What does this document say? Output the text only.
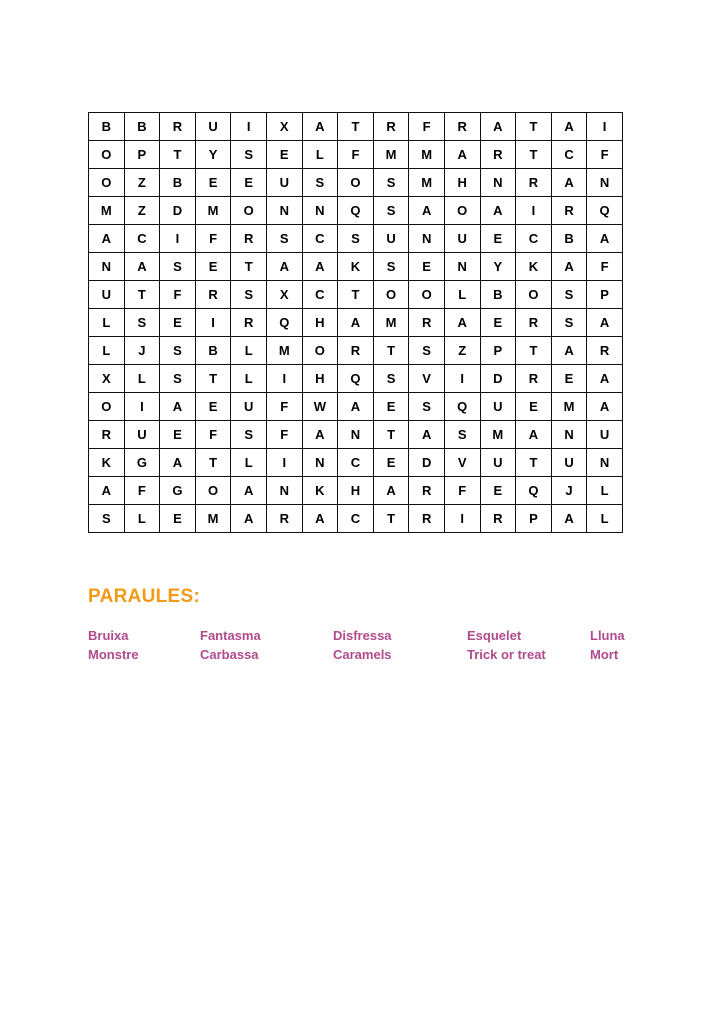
B	B	R	U	I	X	A	T	R	F	R	A	T	A	I
O	P	T	Y	S	E	L	F	M	M	A	R	T	C	F
O	Z	B	E	E	U	S	O	S	M	H	N	R	A	N
M	Z	D	M	O	N	N	Q	S	A	O	A	I	R	Q
A	C	I	F	R	S	C	S	U	N	U	E	C	B	A
N	A	S	E	T	A	A	K	S	E	N	Y	K	A	F
U	T	F	R	S	X	C	T	O	O	L	B	O	S	P
L	S	E	I	R	Q	H	A	M	R	A	E	R	S	A
L	J	S	B	L	M	O	R	T	S	Z	P	T	A	R
X	L	S	T	L	I	H	Q	S	V	I	D	R	E	A
O	I	A	E	U	F	W	A	E	S	Q	U	E	M	A
R	U	E	F	S	F	A	N	T	A	S	M	A	N	U
K	G	A	T	L	I	N	C	E	D	V	U	T	U	N
A	F	G	O	A	N	K	H	A	R	F	E	Q	J	L
S	L	E	M	A	R	A	C	T	R	I	R	P	A	L
PARAULES:
Bruixa	Fantasma	Disfressa	Esquelet	Lluna
Monstre	Carbassa	Caramels	Trick or treat	Mort
